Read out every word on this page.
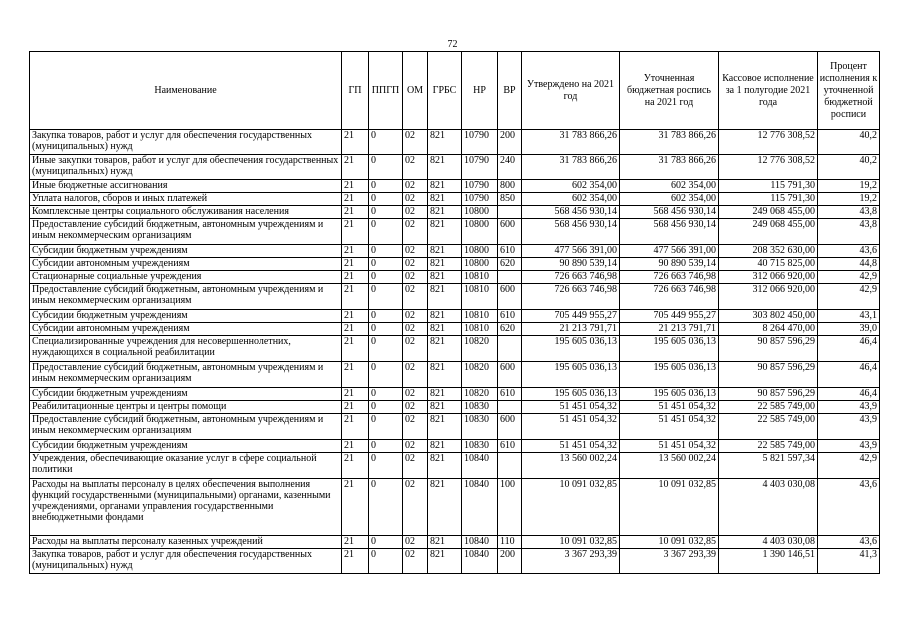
72
Наименование	ГП	ППГП	ОМ	ГРБС	НР	ВР	Утверждено на 2021 год	Уточненная бюджетная роспись на 2021 год	Кассовое исполнение за 1 полугодие 2021 года	Процент исполнения к уточненной бюджетной росписи
Закупка товаров, работ и услуг для обеспечения государственных (муниципальных) нужд	21	0	02	821	10790	200	31 783 866,26	31 783 866,26	12 776 308,52	40,2
Иные закупки товаров, работ и услуг для обеспечения государственных (муниципальных) нужд	21	0	02	821	10790	240	31 783 866,26	31 783 866,26	12 776 308,52	40,2
Иные бюджетные ассигнования	21	0	02	821	10790	800	602 354,00	602 354,00	115 791,30	19,2
Уплата налогов, сборов и иных платежей	21	0	02	821	10790	850	602 354,00	602 354,00	115 791,30	19,2
Комплексные центры социального обслуживания населения	21	0	02	821	10800		568 456 930,14	568 456 930,14	249 068 455,00	43,8
Предоставление субсидий бюджетным, автономным учреждениям и иным некоммерческим организациям	21	0	02	821	10800	600	568 456 930,14	568 456 930,14	249 068 455,00	43,8
Субсидии бюджетным учреждениям	21	0	02	821	10800	610	477 566 391,00	477 566 391,00	208 352 630,00	43,6
Субсидии автономным учреждениям	21	0	02	821	10800	620	90 890 539,14	90 890 539,14	40 715 825,00	44,8
Стационарные социальные учреждения	21	0	02	821	10810		726 663 746,98	726 663 746,98	312 066 920,00	42,9
Предоставление субсидий бюджетным, автономным учреждениям и иным некоммерческим организациям	21	0	02	821	10810	600	726 663 746,98	726 663 746,98	312 066 920,00	42,9
Субсидии бюджетным учреждениям	21	0	02	821	10810	610	705 449 955,27	705 449 955,27	303 802 450,00	43,1
Субсидии автономным учреждениям	21	0	02	821	10810	620	21 213 791,71	21 213 791,71	8 264 470,00	39,0
Специализированные учреждения для несовершеннолетних, нуждающихся в социальной реабилитации	21	0	02	821	10820		195 605 036,13	195 605 036,13	90 857 596,29	46,4
Предоставление субсидий бюджетным, автономным учреждениям и иным некоммерческим организациям	21	0	02	821	10820	600	195 605 036,13	195 605 036,13	90 857 596,29	46,4
Субсидии бюджетным учреждениям	21	0	02	821	10820	610	195 605 036,13	195 605 036,13	90 857 596,29	46,4
Реабилитационные центры и центры помощи	21	0	02	821	10830		51 451 054,32	51 451 054,32	22 585 749,00	43,9
Предоставление субсидий бюджетным, автономным учреждениям и иным некоммерческим организациям	21	0	02	821	10830	600	51 451 054,32	51 451 054,32	22 585 749,00	43,9
Субсидии бюджетным учреждениям	21	0	02	821	10830	610	51 451 054,32	51 451 054,32	22 585 749,00	43,9
Учреждения, обеспечивающие оказание услуг в сфере социальной политики	21	0	02	821	10840		13 560 002,24	13 560 002,24	5 821 597,34	42,9
Расходы на выплаты персоналу в целях обеспечения выполнения функций государственными (муниципальными) органами, казенными учреждениями, органами управления государственными внебюджетными фондами	21	0	02	821	10840	100	10 091 032,85	10 091 032,85	4 403 030,08	43,6
Расходы на выплаты персоналу казенных учреждений	21	0	02	821	10840	110	10 091 032,85	10 091 032,85	4 403 030,08	43,6
Закупка товаров, работ и услуг для обеспечения государственных (муниципальных) нужд	21	0	02	821	10840	200	3 367 293,39	3 367 293,39	1 390 146,51	41,3
